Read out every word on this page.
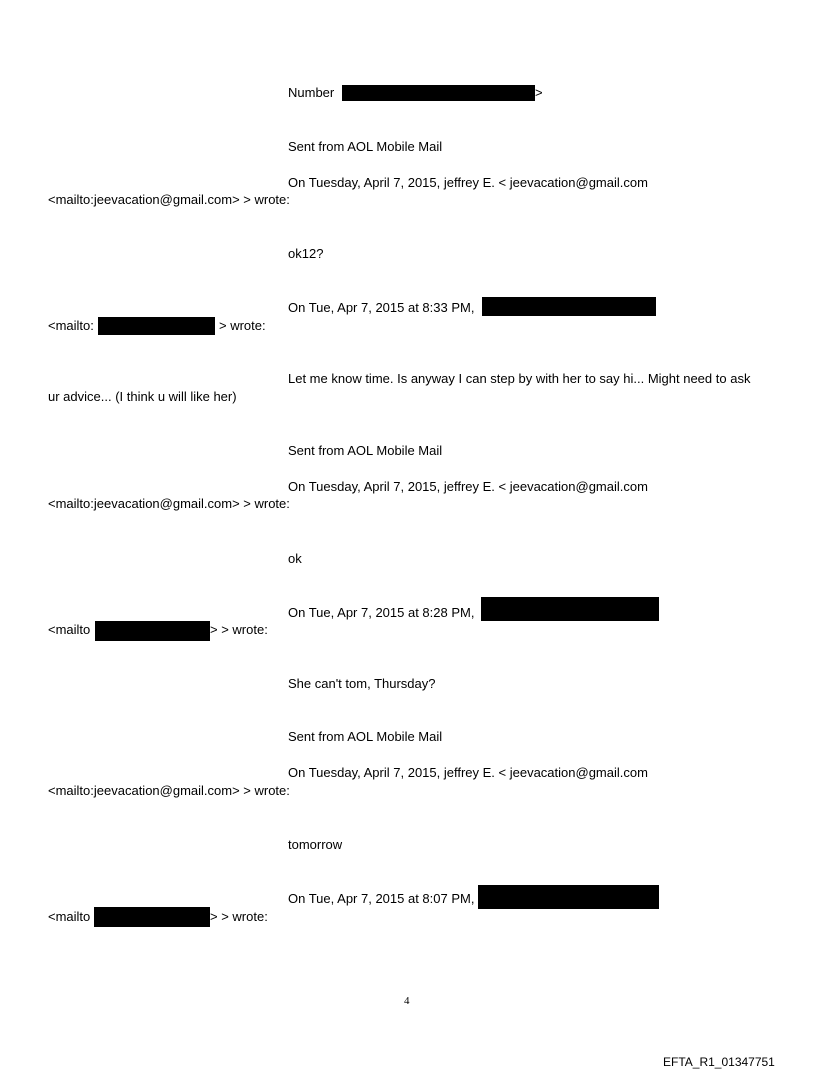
Number	>
Sent from AOL Mobile Mail
On Tuesday, April 7, 2015, jeffrey E. < jeevacation@gmail.com
<mailto:jeevacation@gmail.com> > wrote:
ok12?
On Tue, Apr 7, 2015 at 8:33 PM,
<mailto:	> wrote:
Let me know time. Is anyway I can step by with her to say hi... Might need to ask
ur advice... (I think u will like her)
Sent from AOL Mobile Mail
On Tuesday, April 7, 2015, jeffrey E. < jeevacation@gmail.com
<mailto:jeevacation@gmail.com> > wrote:
ok
On Tue, Apr 7, 2015 at 8:28 PM,
<mailto	> > wrote:
She can't tom, Thursday?
Sent from AOL Mobile Mail
On Tuesday, April 7, 2015, jeffrey E. < jeevacation@gmail.com
<mailto:jeevacation@gmail.com> > wrote:
tomorrow
On Tue, Apr 7, 2015 at 8:07 PM,
<mailto	> > wrote:
4
EFTA_R1_01347751
